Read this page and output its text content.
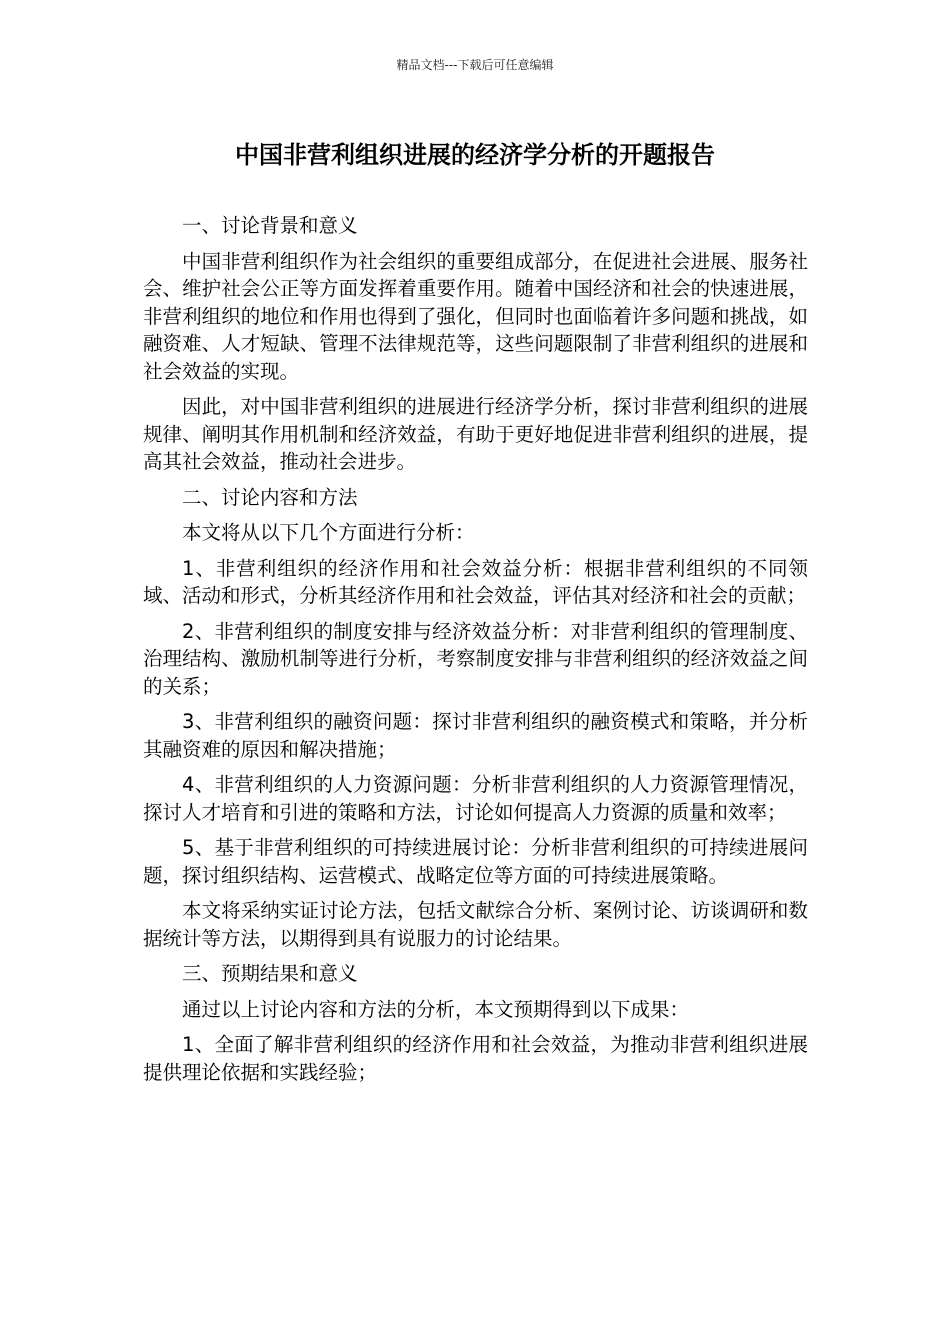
精品文档---下载后可任意编辑
中国非营利组织进展的经济学分析的开题报告

一、讨论背景和意义

中国非营利组织作为社会组织的重要组成部分，在促进社会进展、服务社会、维护社会公正等方面发挥着重要作用。随着中国经济和社会的快速进展，非营利组织的地位和作用也得到了强化，但同时也面临着许多问题和挑战，如融资难、人才短缺、管理不法律规范等，这些问题限制了非营利组织的进展和社会效益的实现。

因此，对中国非营利组织的进展进行经济学分析，探讨非营利组织的进展规律、阐明其作用机制和经济效益，有助于更好地促进非营利组织的进展，提高其社会效益，推动社会进步。

二、讨论内容和方法

本文将从以下几个方面进行分析：

1、非营利组织的经济作用和社会效益分析：根据非营利组织的不同领域、活动和形式，分析其经济作用和社会效益，评估其对经济和社会的贡献；

2、非营利组织的制度安排与经济效益分析：对非营利组织的管理制度、治理结构、激励机制等进行分析，考察制度安排与非营利组织的经济效益之间的关系；

3、非营利组织的融资问题：探讨非营利组织的融资模式和策略，并分析其融资难的原因和解决措施；

4、非营利组织的人力资源问题：分析非营利组织的人力资源管理情况，探讨人才培育和引进的策略和方法，讨论如何提高人力资源的质量和效率；

5、基于非营利组织的可持续进展讨论：分析非营利组织的可持续进展问题，探讨组织结构、运营模式、战略定位等方面的可持续进展策略。

本文将采纳实证讨论方法，包括文献综合分析、案例讨论、访谈调研和数据统计等方法，以期得到具有说服力的讨论结果。

三、预期结果和意义

通过以上讨论内容和方法的分析，本文预期得到以下成果：

1、全面了解非营利组织的经济作用和社会效益，为推动非营利组织进展提供理论依据和实践经验；
